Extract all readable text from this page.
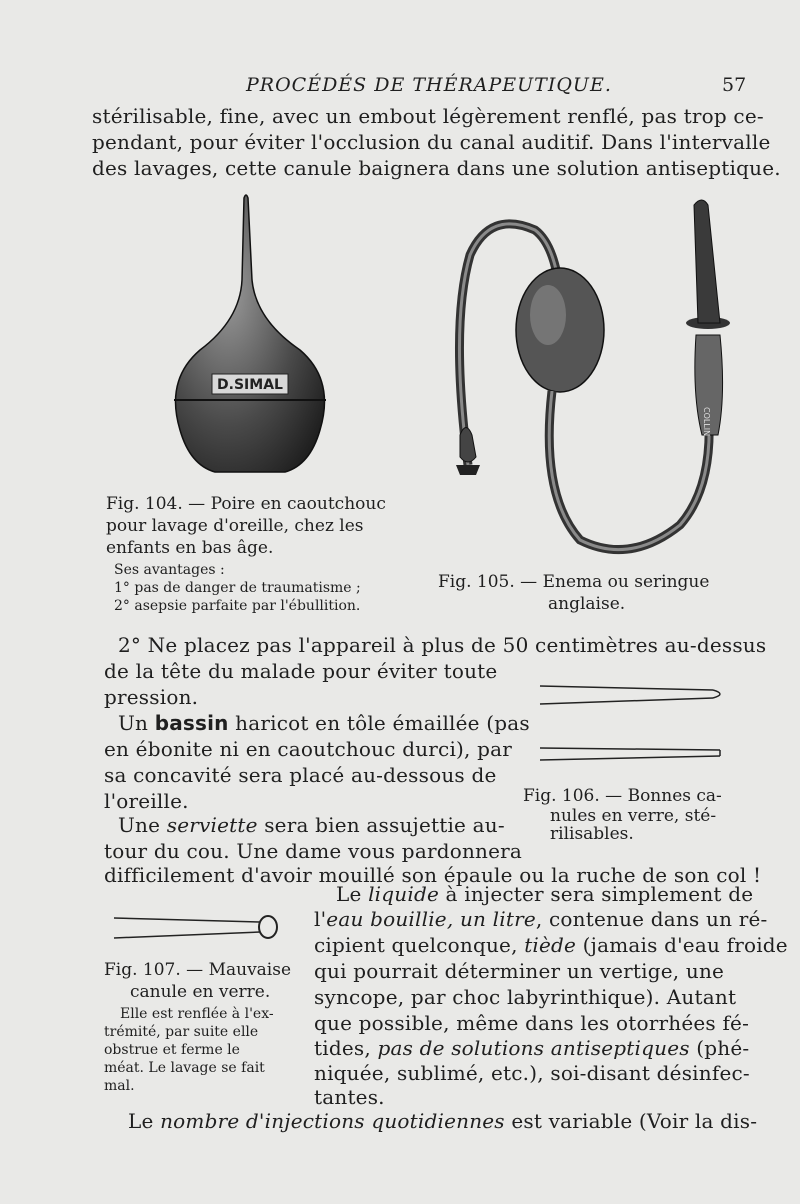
PROCÉDÉS DE THÉRAPEUTIQUE.	57
stérilisable, fine, avec un embout légèrement renflé, pas trop ce-
pendant, pour éviter l'occlusion du canal auditif. Dans l'intervalle
des lavages, cette canule baignera dans une solution antiseptique.
D.SIMAL
COLLIN
Fig. 104. — Poire en caoutchouc
pour lavage d'oreille, chez les
enfants en bas âge.
Ses avantages :
1° pas de danger de traumatisme ;
2° asepsie parfaite par l'ébullition.
Fig. 105. — Enema ou seringue
anglaise.
2° Ne placez pas l'appareil à plus de 50 centimètres au-dessus
de la tête du malade pour éviter toute
pression.
Un bassin haricot en tôle émaillée (pas
en ébonite ni en caoutchouc durci), par
sa concavité sera placé au-dessous de
l'oreille.
Une serviette sera bien assujettie au-
tour du cou. Une dame vous pardonnera
difficilement d'avoir mouillé son épaule ou la ruche de son col !
Fig. 106. — Bonnes ca-
nules en verre, sté-
rilisables.
Fig. 107. — Mauvaise
canule en verre.
Elle est renflée à l'ex-
trémité, par suite elle
obstrue et ferme le
méat. Le lavage se fait
mal.
Le liquide à injecter sera simplement de
l'eau bouillie, un litre, contenue dans un ré-
cipient quelconque, tiède (jamais d'eau froide
qui pourrait déterminer un vertige, une
syncope, par choc labyrinthique). Autant
que possible, même dans les otorrhées fé-
tides, pas de solutions antiseptiques (phé-
niquée, sublimé, etc.), soi-disant désinfec-
tantes.
Le nombre d'injections quotidiennes est variable (Voir la dis-
